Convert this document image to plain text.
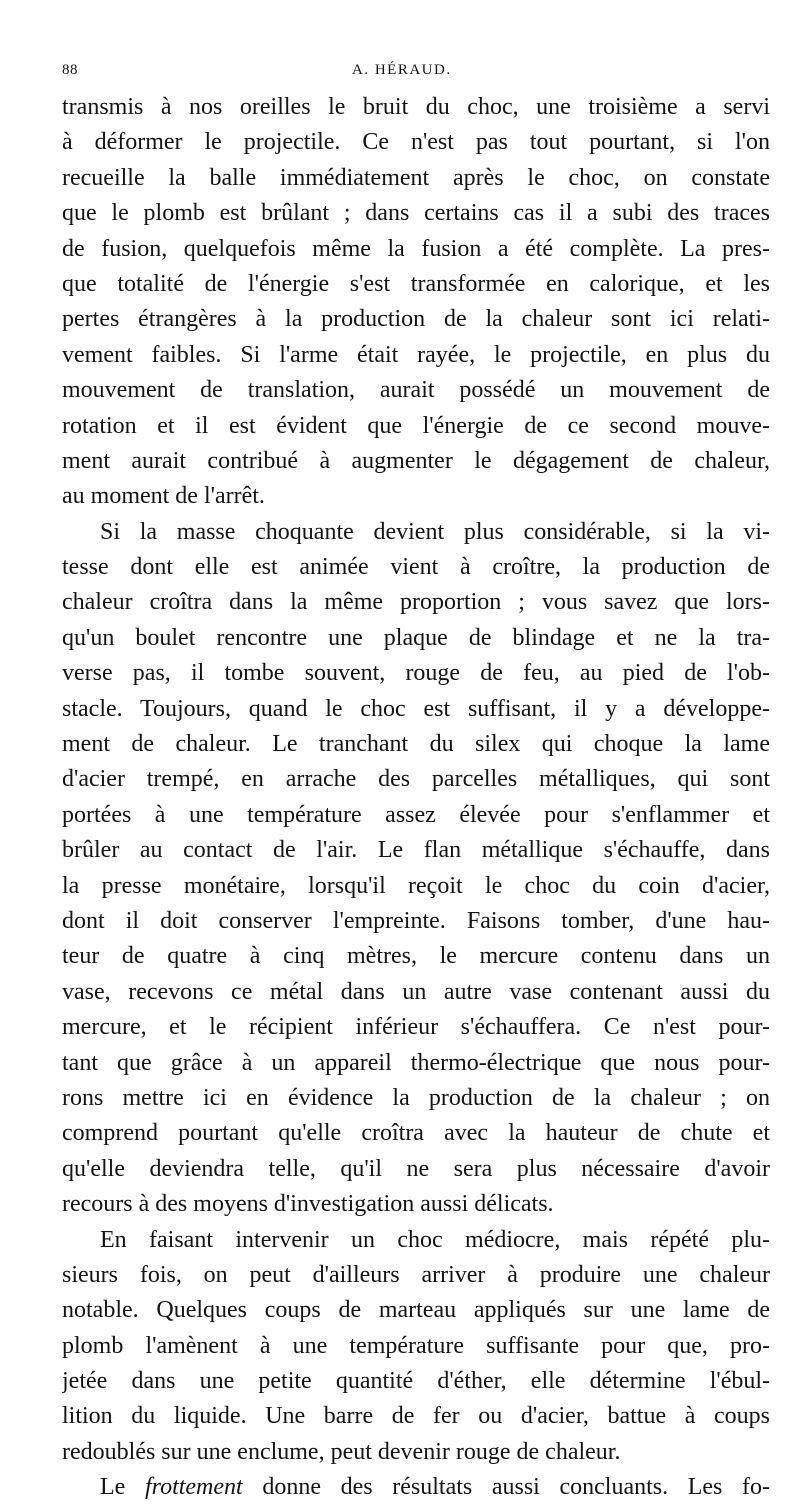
88	A. HÉRAUD.
transmis à nos oreilles le bruit du choc, une troisième a servi
à déformer le projectile. Ce n'est pas tout pourtant, si l'on
recueille la balle immédiatement après le choc, on constate
que le plomb est brûlant ; dans certains cas il a subi des traces
de fusion, quelquefois même la fusion a été complète. La pres-
que totalité de l'énergie s'est transformée en calorique, et les
pertes étrangères à la production de la chaleur sont ici relati-
vement faibles. Si l'arme était rayée, le projectile, en plus du
mouvement de translation, aurait possédé un mouvement de
rotation et il est évident que l'énergie de ce second mouve-
ment aurait contribué à augmenter le dégagement de chaleur,
au moment de l'arrêt.
Si la masse choquante devient plus considérable, si la vi-
tesse dont elle est animée vient à croître, la production de
chaleur croîtra dans la même proportion ; vous savez que lors-
qu'un boulet rencontre une plaque de blindage et ne la tra-
verse pas, il tombe souvent, rouge de feu, au pied de l'ob-
stacle. Toujours, quand le choc est suffisant, il y a développe-
ment de chaleur. Le tranchant du silex qui choque la lame
d'acier trempé, en arrache des parcelles métalliques, qui sont
portées à une température assez élevée pour s'enflammer et
brûler au contact de l'air. Le flan métallique s'échauffe, dans
la presse monétaire, lorsqu'il reçoit le choc du coin d'acier,
dont il doit conserver l'empreinte. Faisons tomber, d'une hau-
teur de quatre à cinq mètres, le mercure contenu dans un
vase, recevons ce métal dans un autre vase contenant aussi du
mercure, et le récipient inférieur s'échauffera. Ce n'est pour-
tant que grâce à un appareil thermo-électrique que nous pour-
rons mettre ici en évidence la production de la chaleur ; on
comprend pourtant qu'elle croîtra avec la hauteur de chute et
qu'elle deviendra telle, qu'il ne sera plus nécessaire d'avoir
recours à des moyens d'investigation aussi délicats.
En faisant intervenir un choc médiocre, mais répété plu-
sieurs fois, on peut d'ailleurs arriver à produire une chaleur
notable. Quelques coups de marteau appliqués sur une lame de
plomb l'amènent à une température suffisante pour que, pro-
jetée dans une petite quantité d'éther, elle détermine l'ébul-
lition du liquide. Une barre de fer ou d'acier, battue à coups
redoublés sur une enclume, peut devenir rouge de chaleur.
Le frottement donne des résultats aussi concluants. Les fo-
